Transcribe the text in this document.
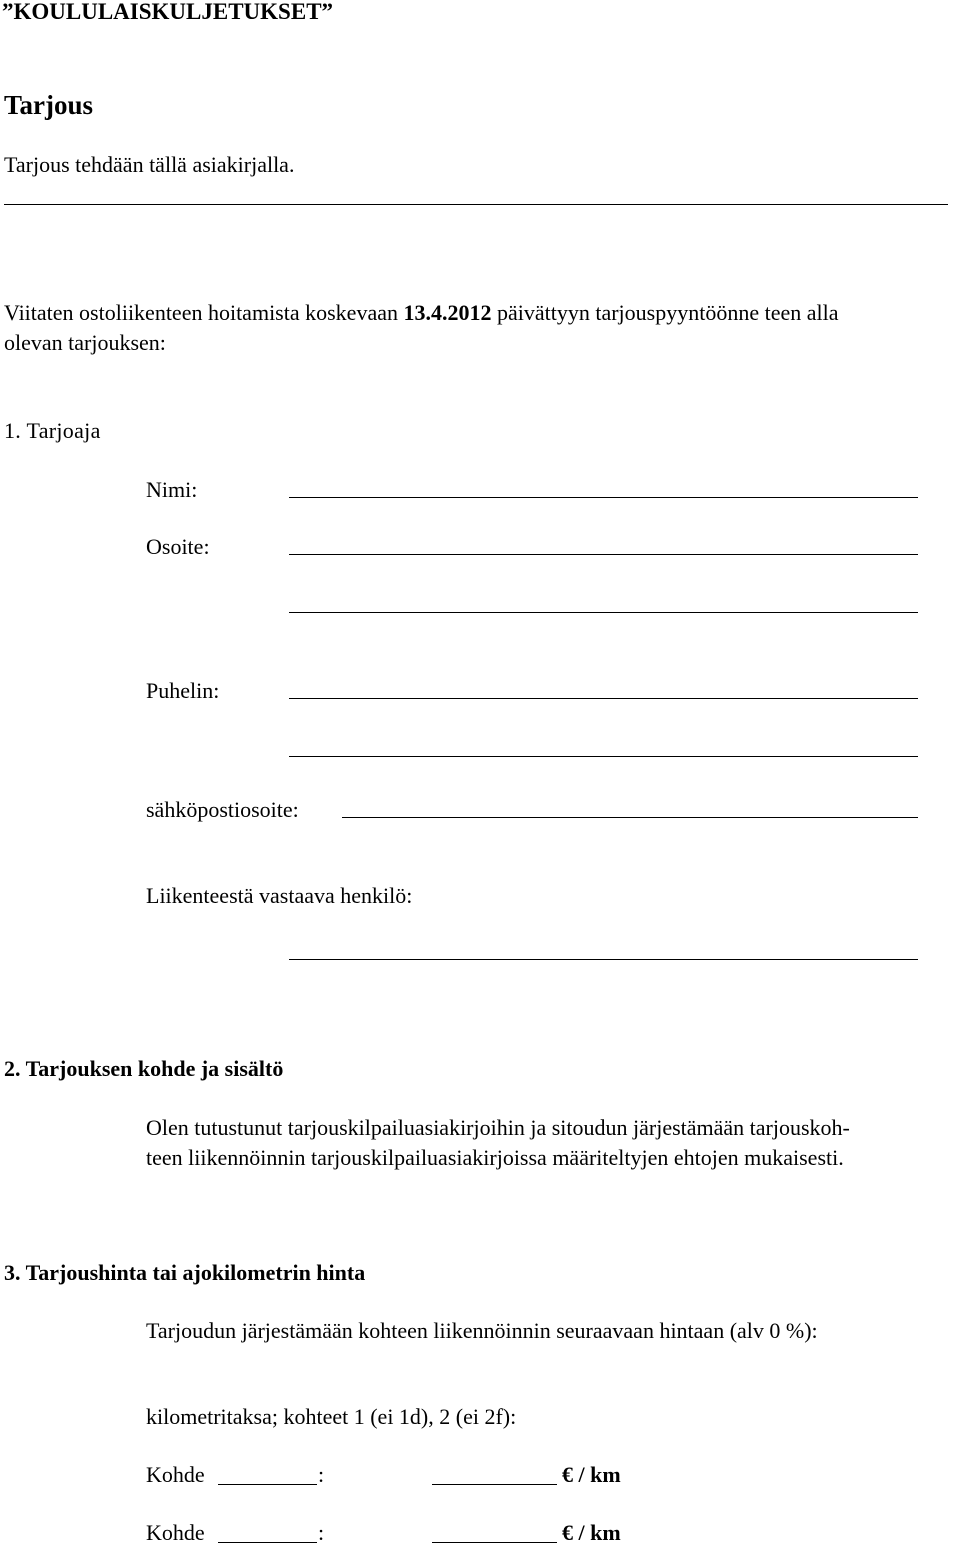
”KOULULAISKULJETUKSET”
Tarjous
Tarjous tehdään tällä asiakirjalla.
Viitaten ostoliikenteen hoitamista koskevaan 13.4.2012 päivättyyn tarjouspyyntöönne teen alla
olevan tarjouksen:
1. Tarjoaja
Nimi:
Osoite:
Puhelin:
sähköpostiosoite:
Liikenteestä vastaava henkilö:
2. Tarjouksen kohde ja sisältö
Olen tutustunut tarjouskilpailuasiakirjoihin ja sitoudun järjestämään tarjouskoh-
teen liikennöinnin tarjouskilpailuasiakirjoissa määriteltyjen ehtojen mukaisesti.
3. Tarjoushinta tai ajokilometrin hinta
Tarjoudun järjestämään kohteen liikennöinnin seuraavaan hintaan (alv 0 %):
kilometritaksa; kohteet 1 (ei 1d), 2 (ei 2f):
Kohde	:	€ / km
Kohde	:	€ / km
